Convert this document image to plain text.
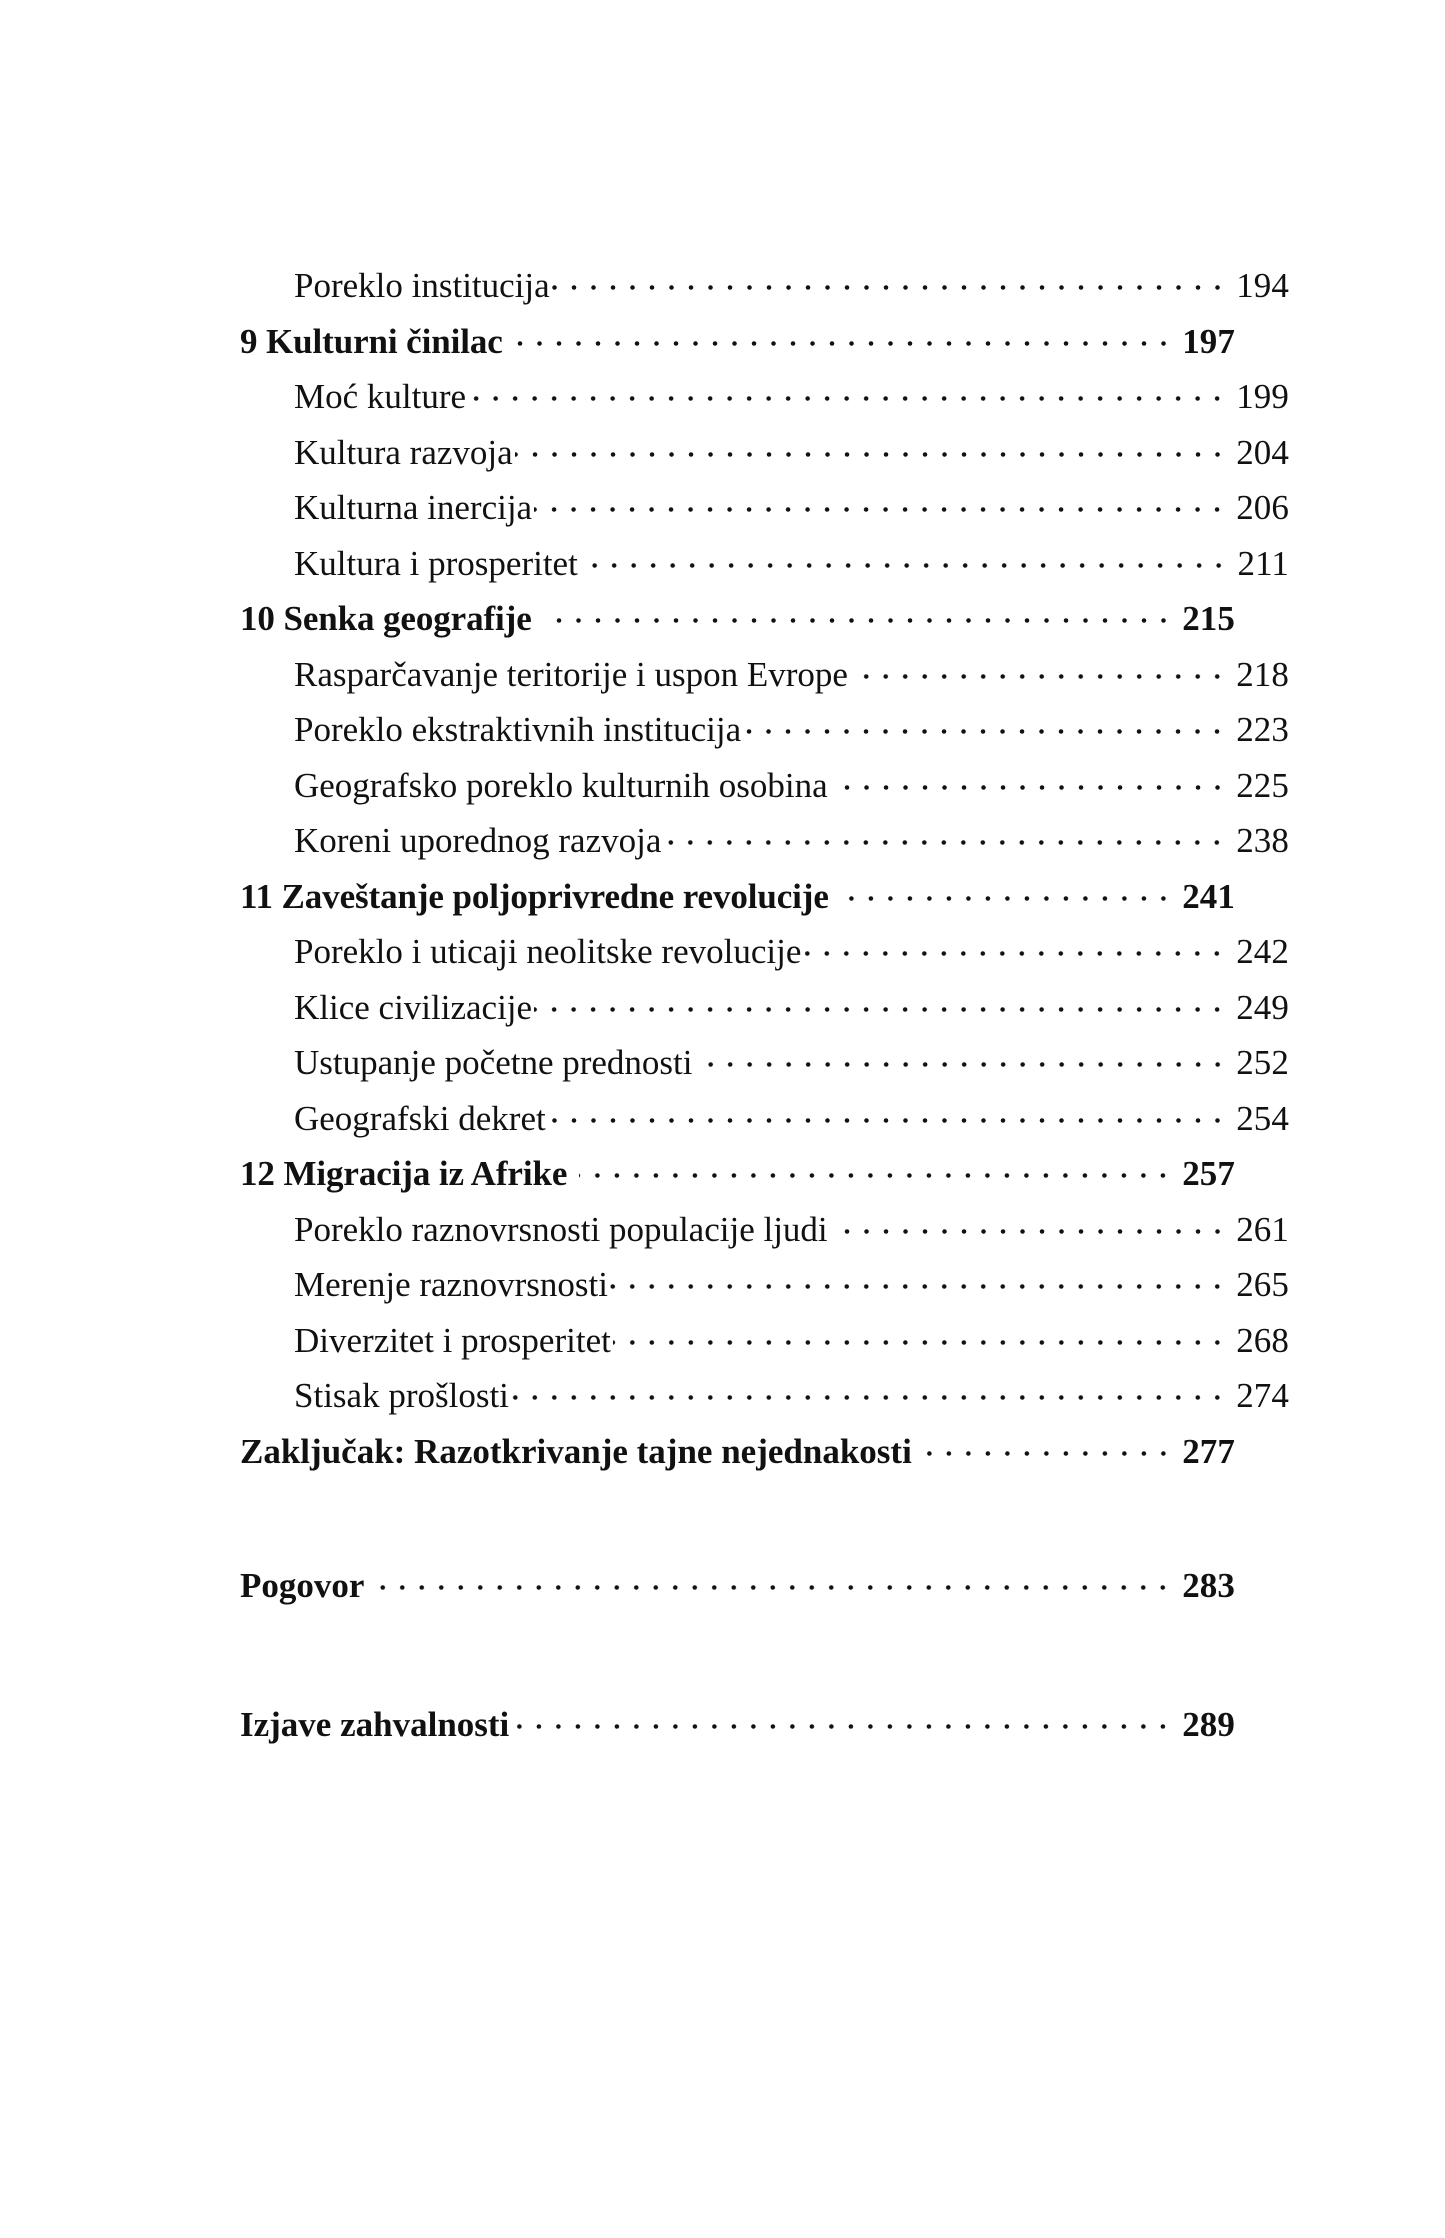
Poreklo institucija	194
9 Kulturni činilac	197
Moć kulture	199
Kultura razvoja	204
Kulturna inercija	206
Kultura i prosperitet	211
10 Senka geografije	215
Rasparčavanje teritorije i uspon Evrope	218
Poreklo ekstraktivnih institucija	223
Geografsko poreklo kulturnih osobina	225
Koreni uporednog razvoja	238
11 Zaveštanje poljoprivredne revolucije	241
Poreklo i uticaji neolitske revolucije	242
Klice civilizacije	249
Ustupanje početne prednosti	252
Geografski dekret	254
12 Migracija iz Afrike	257
Poreklo raznovrsnosti populacije ljudi	261
Merenje raznovrsnosti	265
Diverzitet i prosperitet	268
Stisak prošlosti	274
Zaključak: Razotkrivanje tajne nejednakosti	277
Pogovor	283
Izjave zahvalnosti	289
